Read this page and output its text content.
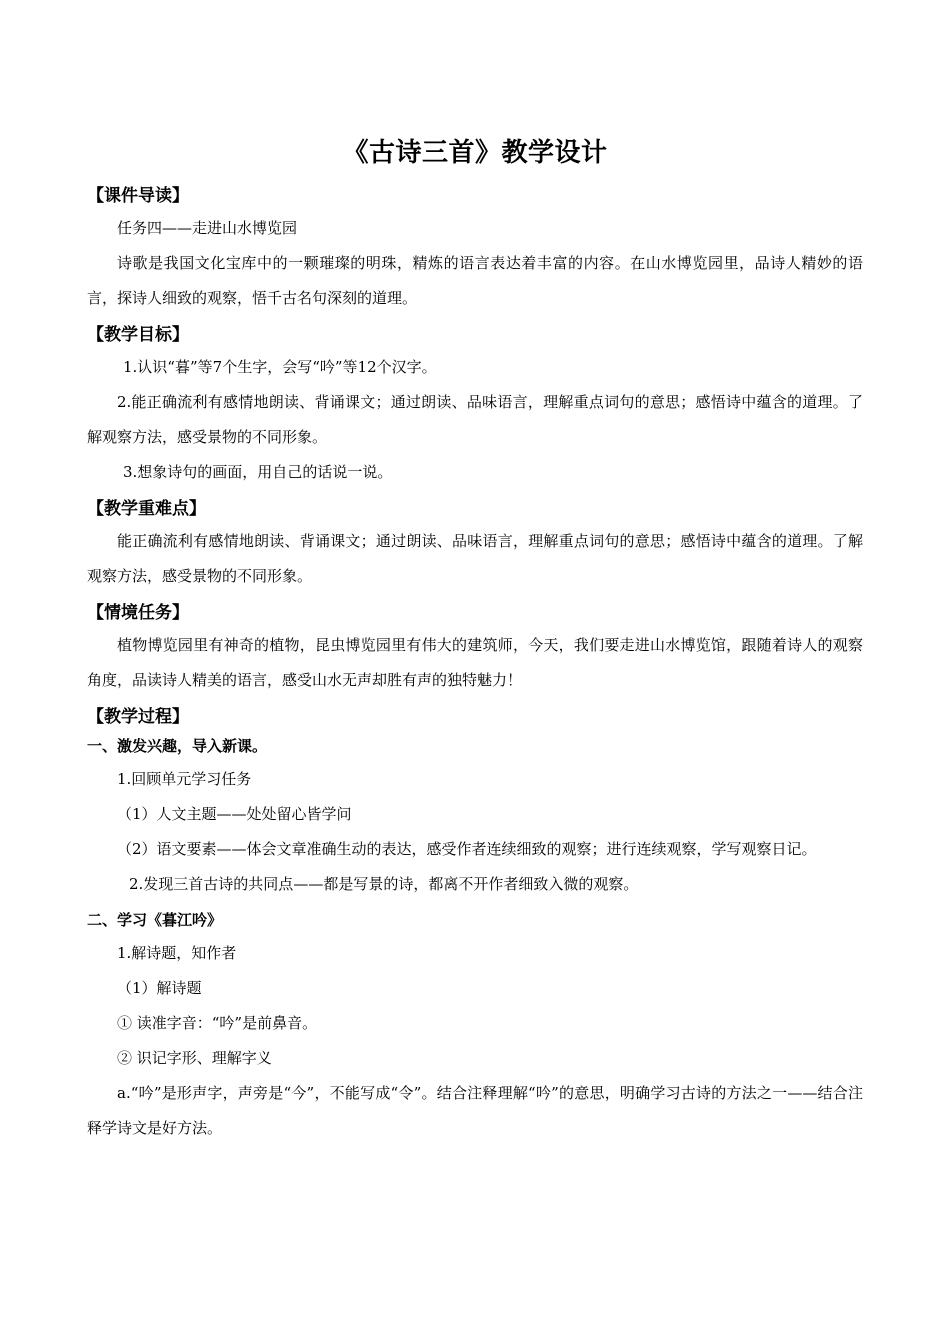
《古诗三首》教学设计
【课件导读】

任务四——走进山水博览园

诗歌是我国文化宝库中的一颗璀璨的明珠，精炼的语言表达着丰富的内容。在山水博览园里，品诗人精妙的语言，探诗人细致的观察，悟千古名句深刻的道理。

【教学目标】

1.认识“暮”等7个生字，会写“吟”等12个汉字。

2.能正确流利有感情地朗读、背诵课文；通过朗读、品味语言，理解重点词句的意思；感悟诗中蕴含的道理。了解观察方法，感受景物的不同形象。

3.想象诗句的画面，用自己的话说一说。

【教学重难点】

能正确流利有感情地朗读、背诵课文；通过朗读、品味语言，理解重点词句的意思；感悟诗中蕴含的道理。了解观察方法，感受景物的不同形象。

【情境任务】

植物博览园里有神奇的植物，昆虫博览园里有伟大的建筑师，今天，我们要走进山水博览馆，跟随着诗人的观察角度，品读诗人精美的语言，感受山水无声却胜有声的独特魅力！

【教学过程】
一、激发兴趣，导入新课。

1.回顾单元学习任务

（1）人文主题——处处留心皆学问

（2）语文要素——体会文章准确生动的表达，感受作者连续细致的观察；进行连续观察，学写观察日记。

2.发现三首古诗的共同点——都是写景的诗，都离不开作者细致入微的观察。

二、学习《暮江吟》

1.解诗题，知作者

（1）解诗题

① 读准字音：“吟”是前鼻音。

② 识记字形、理解字义

a.“吟”是形声字，声旁是“今”，不能写成“令”。结合注释理解“吟”的意思，明确学习古诗的方法之一——结合注释学诗文是好方法。
